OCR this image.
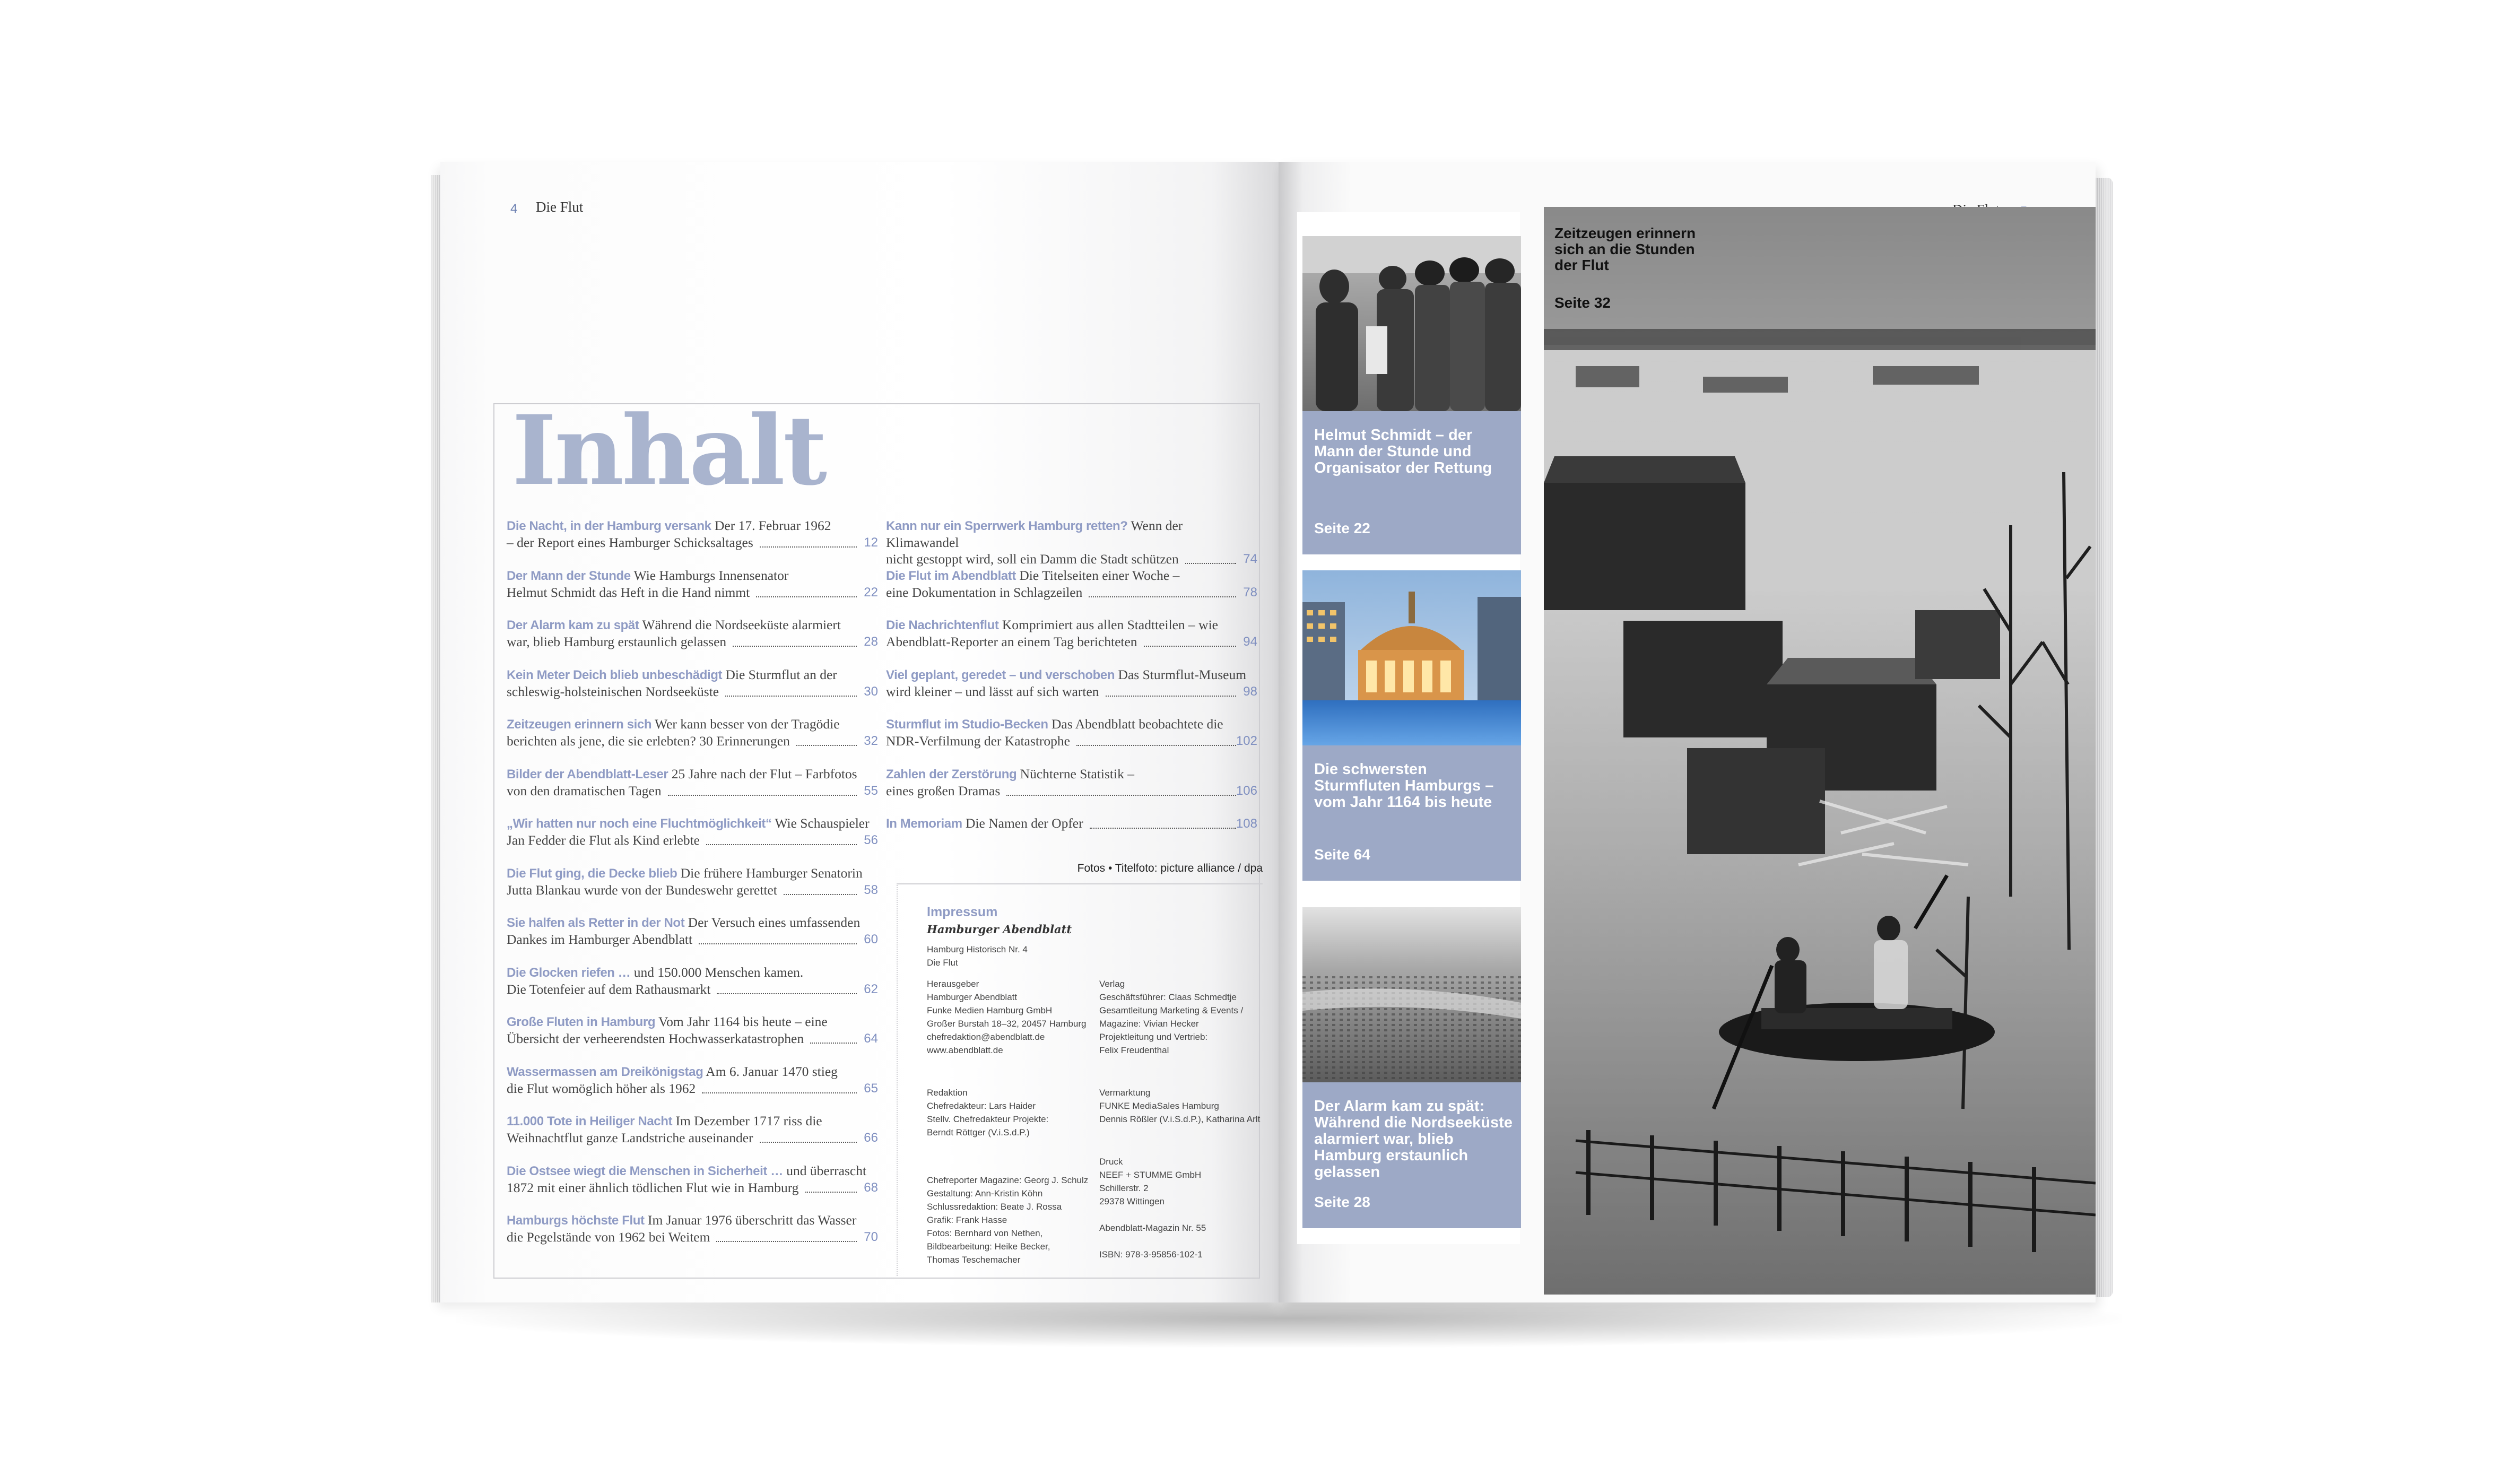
4 Die Flut
Inhalt
Die Nacht, in der Hamburg versank Der 17. Februar 1962
– der Report eines Hamburger Schicksaltages	12
Der Mann der Stunde Wie Hamburgs Innensenator
Helmut Schmidt das Heft in die Hand nimmt	22
Der Alarm kam zu spät Während die Nordseeküste alarmiert
war, blieb Hamburg erstaunlich gelassen	28
Kein Meter Deich blieb unbeschädigt Die Sturmflut an der
schleswig-holsteinischen Nordseeküste	30
Zeitzeugen erinnern sich Wer kann besser von der Tragödie
berichten als jene, die sie erlebten? 30 Erinnerungen	32
Bilder der Abendblatt-Leser 25 Jahre nach der Flut – Farbfotos
von den dramatischen Tagen	55
„Wir hatten nur noch eine Fluchtmöglichkeit“ Wie Schauspieler
Jan Fedder die Flut als Kind erlebte	56
Die Flut ging, die Decke blieb Die frühere Hamburger Senatorin
Jutta Blankau wurde von der Bundeswehr gerettet	58
Sie halfen als Retter in der Not Der Versuch eines umfassenden
Dankes im Hamburger Abendblatt	60
Die Glocken riefen … und 150.000 Menschen kamen.
Die Totenfeier auf dem Rathausmarkt	62
Große Fluten in Hamburg Vom Jahr 1164 bis heute – eine
Übersicht der verheerendsten Hochwasserkatastrophen	64
Wassermassen am Dreikönigstag Am 6. Januar 1470 stieg
die Flut womöglich höher als 1962	65
11.000 Tote in Heiliger Nacht Im Dezember 1717 riss die
Weihnachtflut ganze Landstriche auseinander	66
Die Ostsee wiegt die Menschen in Sicherheit … und überrascht
1872 mit einer ähnlich tödlichen Flut wie in Hamburg	68
Hamburgs höchste Flut Im Januar 1976 überschritt das Wasser
die Pegelstände von 1962 bei Weitem	70
Kann nur ein Sperrwerk Hamburg retten? Wenn der Klimawandel
nicht gestoppt wird, soll ein Damm die Stadt schützen	74
Die Flut im Abendblatt Die Titelseiten einer Woche –
eine Dokumentation in Schlagzeilen	78
Die Nachrichtenflut Komprimiert aus allen Stadtteilen – wie
Abendblatt-Reporter an einem Tag berichteten	94
Viel geplant, geredet – und verschoben Das Sturmflut-Museum
wird kleiner – und lässt auf sich warten	98
Sturmflut im Studio-Becken Das Abendblatt beobachtete die
NDR-Verfilmung der Katastrophe	102
Zahlen der Zerstörung Nüchterne Statistik –
eines großen Dramas	106
In Memoriam Die Namen der Opfer	108
Fotos • Titelfoto: picture alliance / dpa
Impressum
Hamburger Abendblatt
Hamburg Historisch Nr. 4
Die Flut
Herausgeber
Hamburger Abendblatt
Funke Medien Hamburg GmbH
Großer Burstah 18–32, 20457 Hamburg
chefredaktion@abendblatt.de
www.abendblatt.de
Verlag
Geschäftsführer: Claas Schmedtje
Gesamtleitung Marketing & Events /
Magazine: Vivian Hecker
Projektleitung und Vertrieb:
Felix Freudenthal
Redaktion
Chefredakteur: Lars Haider
Stellv. Chefredakteur Projekte:
Berndt Röttger (V.i.S.d.P.)
Vermarktung
FUNKE MediaSales Hamburg
Dennis Rößler (V.i.S.d.P.), Katharina Arlt
Chefreporter Magazine: Georg J. Schulz
Gestaltung: Ann-Kristin Köhn
Schlussredaktion: Beate J. Rossa
Grafik: Frank Hasse
Fotos: Bernhard von Nethen,
Bildbearbeitung: Heike Becker,
Thomas Teschemacher
Druck
NEEF + STUMME GmbH
Schillerstr. 2
29378 Wittingen

Abendblatt-Magazin Nr. 55

ISBN: 978-3-95856-102-1
Helmut Schmidt – der Mann der Stunde und Organisator der Rettung
Seite 22
Die schwersten Sturmfluten Hamburgs – vom Jahr 1164 bis heute
Seite 64
Der Alarm kam zu spät: Während die Nordseeküste alarmiert war, blieb Hamburg erstaunlich gelassen
Seite 28
Zeitzeugen erinnern sich an die Stunden der Flut
Seite 32
